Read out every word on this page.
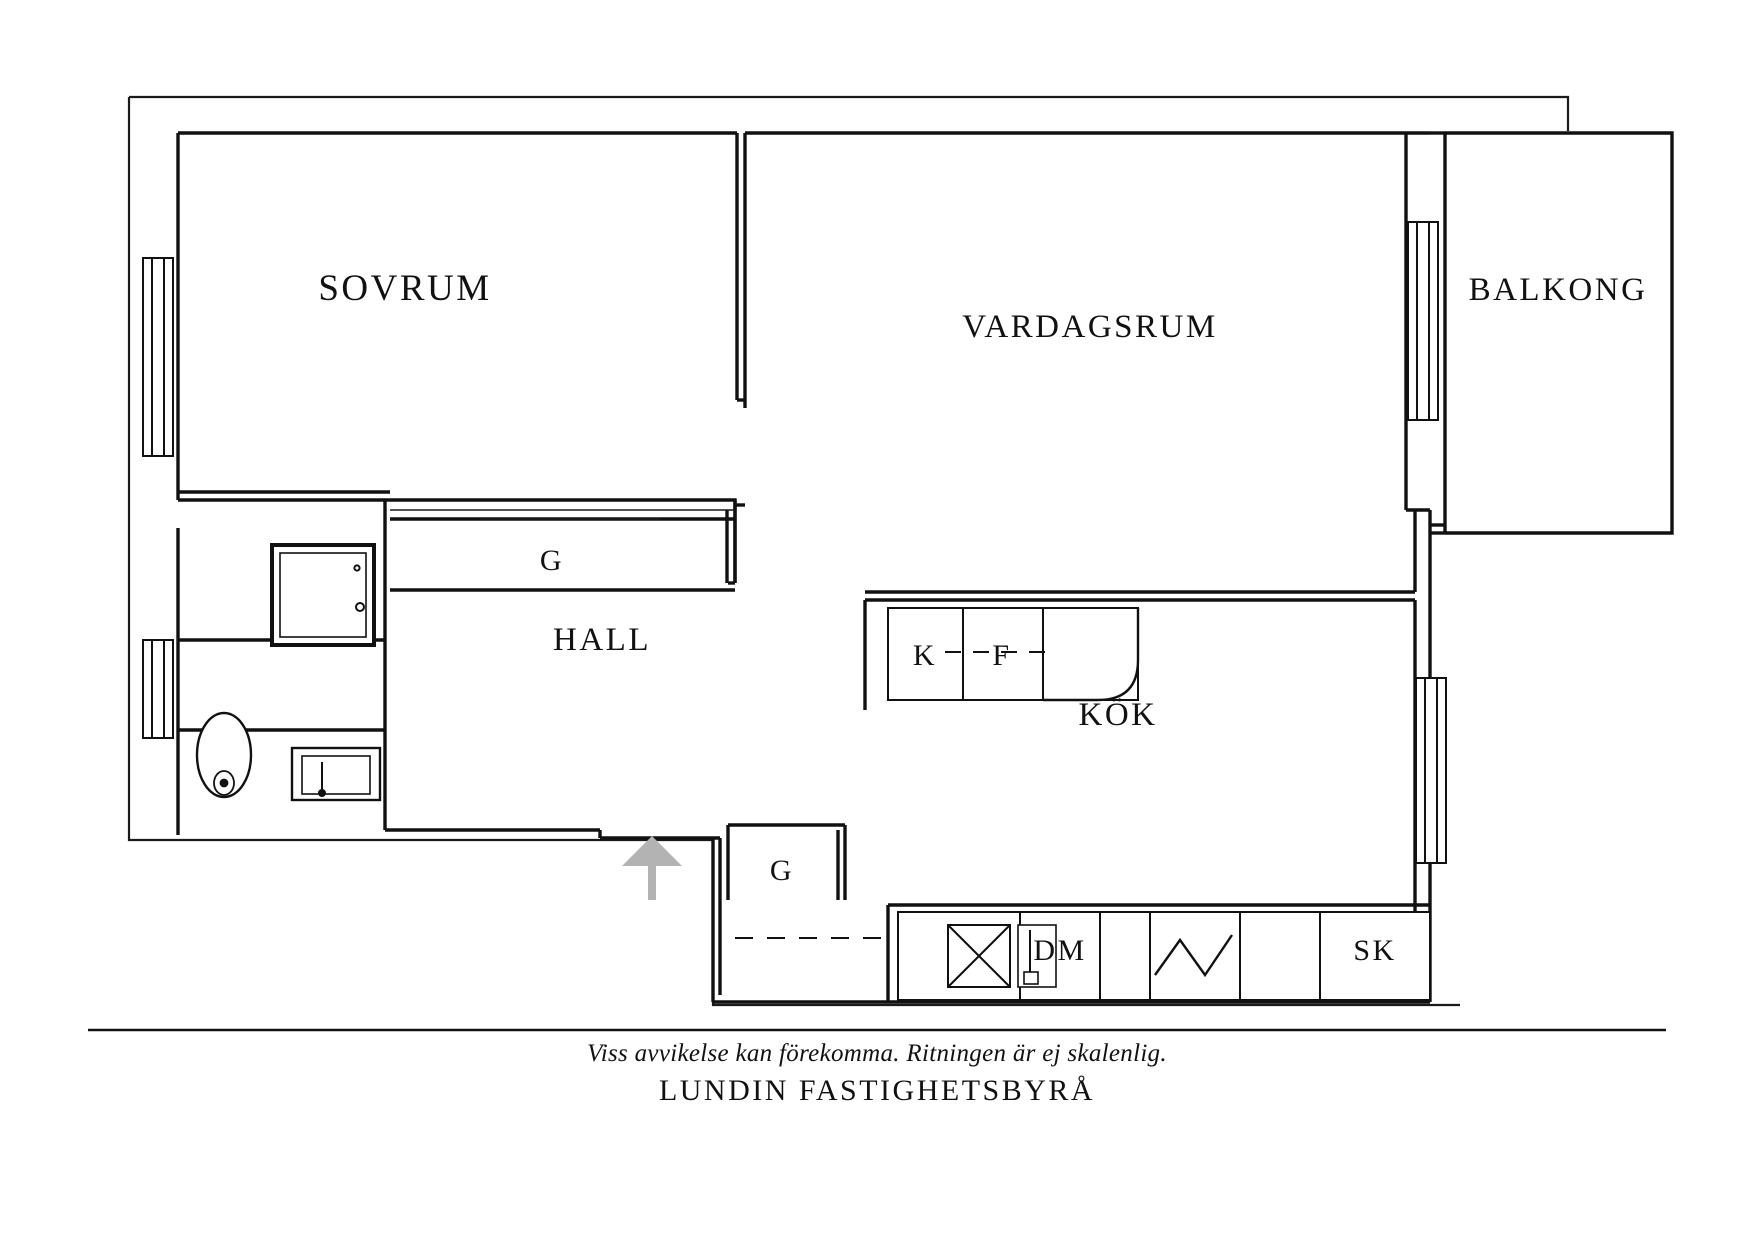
SOVRUM
VARDAGSRUM
BALKONG
HALL
KÖK
G
G
K F
DM	SK

Viss avvikelse kan förekomma. Ritningen är ej skalenlig.

LUNDIN FASTIGHETSBYRÅ
